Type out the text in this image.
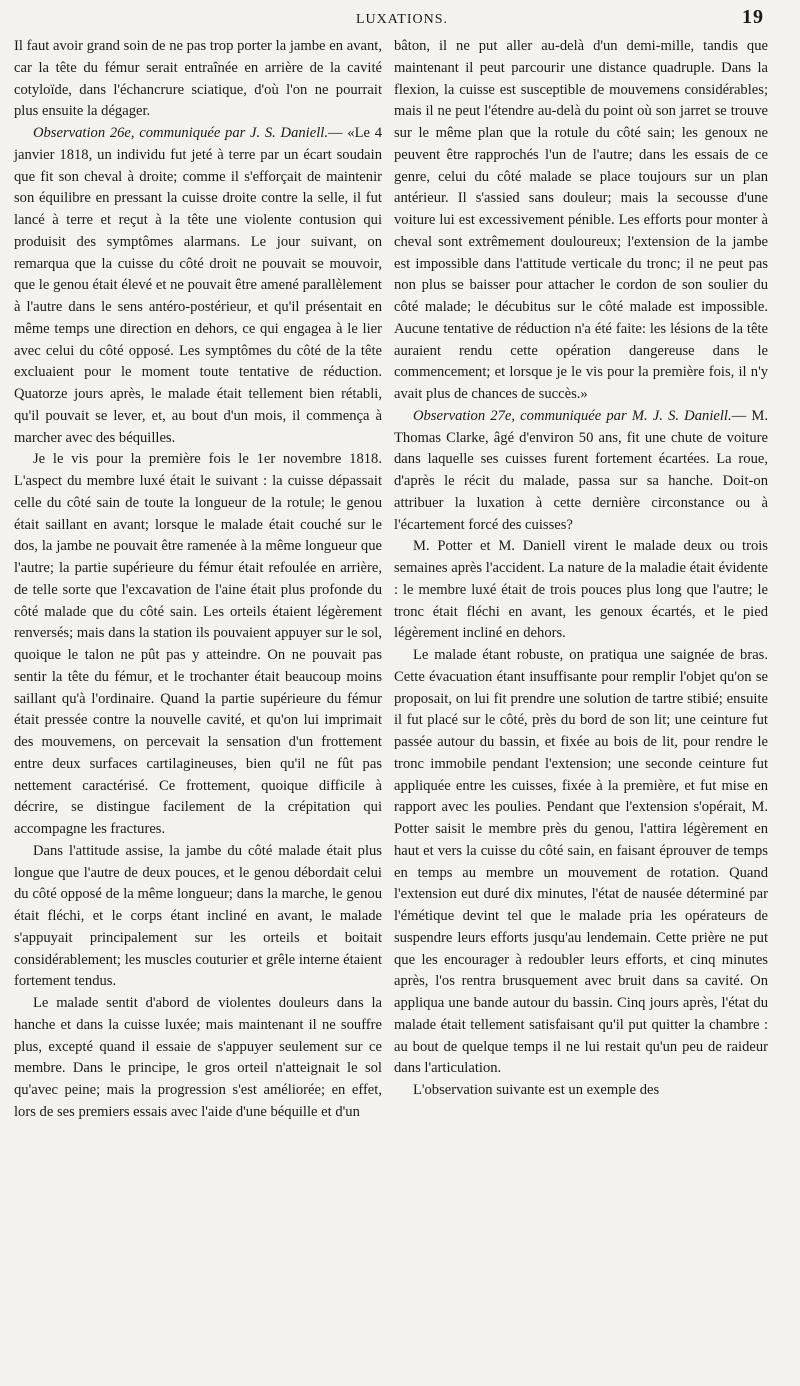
LUXATIONS.	19

Il faut avoir grand soin de ne pas trop porter la jambe en avant, car la tête du fémur serait entraînée en arrière de la cavité cotyloïde, dans l'échancrure sciatique, d'où l'on ne pourrait plus ensuite la dégager.

Observation 26e, communiquée par J. S. Daniell.— «Le 4 janvier 1818, un individu fut jeté à terre par un écart soudain que fit son cheval à droite; comme il s'efforçait de maintenir son équilibre en pressant la cuisse droite contre la selle, il fut lancé à terre et reçut à la tête une violente contusion qui produisit des symptômes alarmans. Le jour suivant, on remarqua que la cuisse du côté droit ne pouvait se mouvoir, que le genou était élevé et ne pouvait être amené parallèlement à l'autre dans le sens antéro-postérieur, et qu'il présentait en même temps une direction en dehors, ce qui engagea à le lier avec celui du côté opposé. Les symptômes du côté de la tête excluaient pour le moment toute tentative de réduction. Quatorze jours après, le malade était tellement bien rétabli, qu'il pouvait se lever, et, au bout d'un mois, il commença à marcher avec des béquilles.

Je le vis pour la première fois le 1er novembre 1818. L'aspect du membre luxé était le suivant : la cuisse dépassait celle du côté sain de toute la longueur de la rotule; le genou était saillant en avant; lorsque le malade était couché sur le dos, la jambe ne pouvait être ramenée à la même longueur que l'autre; la partie supérieure du fémur était refoulée en arrière, de telle sorte que l'excavation de l'aine était plus profonde du côté malade que du côté sain. Les orteils étaient légèrement renversés; mais dans la station ils pouvaient appuyer sur le sol, quoique le talon ne pût pas y atteindre. On ne pouvait pas sentir la tête du fémur, et le trochanter était beaucoup moins saillant qu'à l'ordinaire. Quand la partie supérieure du fémur était pressée contre la nouvelle cavité, et qu'on lui imprimait des mouvemens, on percevait la sensation d'un frottement entre deux surfaces cartilagineuses, bien qu'il ne fût pas nettement caractérisé. Ce frottement, quoique difficile à décrire, se distingue facilement de la crépitation qui accompagne les fractures.

Dans l'attitude assise, la jambe du côté malade était plus longue que l'autre de deux pouces, et le genou débordait celui du côté opposé de la même longueur; dans la marche, le genou était fléchi, et le corps étant incliné en avant, le malade s'appuyait principalement sur les orteils et boitait considérablement; les muscles couturier et grêle interne étaient fortement tendus.

Le malade sentit d'abord de violentes douleurs dans la hanche et dans la cuisse luxée; mais maintenant il ne souffre plus, excepté quand il essaie de s'appuyer seulement sur ce membre. Dans le principe, le gros orteil n'atteignait le sol qu'avec peine; mais la progression s'est améliorée; en effet, lors de ses premiers essais avec l'aide d'une béquille et d'un

bâton, il ne put aller au-delà d'un demi-mille, tandis que maintenant il peut parcourir une distance quadruple. Dans la flexion, la cuisse est susceptible de mouvemens considérables; mais il ne peut l'étendre au-delà du point où son jarret se trouve sur le même plan que la rotule du côté sain; les genoux ne peuvent être rapprochés l'un de l'autre; dans les essais de ce genre, celui du côté malade se place toujours sur un plan antérieur. Il s'assied sans douleur; mais la secousse d'une voiture lui est excessivement pénible. Les efforts pour monter à cheval sont extrêmement douloureux; l'extension de la jambe est impossible dans l'attitude verticale du tronc; il ne peut pas non plus se baisser pour attacher le cordon de son soulier du côté malade; le décubitus sur le côté malade est impossible. Aucune tentative de réduction n'a été faite: les lésions de la tête auraient rendu cette opération dangereuse dans le commencement; et lorsque je le vis pour la première fois, il n'y avait plus de chances de succès.»

Observation 27e, communiquée par M. J. S. Daniell.— M. Thomas Clarke, âgé d'environ 50 ans, fit une chute de voiture dans laquelle ses cuisses furent fortement écartées. La roue, d'après le récit du malade, passa sur sa hanche. Doit-on attribuer la luxation à cette dernière circonstance ou à l'écartement forcé des cuisses?

M. Potter et M. Daniell virent le malade deux ou trois semaines après l'accident. La nature de la maladie était évidente : le membre luxé était de trois pouces plus long que l'autre; le tronc était fléchi en avant, les genoux écartés, et le pied légèrement incliné en dehors.

Le malade étant robuste, on pratiqua une saignée de bras. Cette évacuation étant insuffisante pour remplir l'objet qu'on se proposait, on lui fit prendre une solution de tartre stibié; ensuite il fut placé sur le côté, près du bord de son lit; une ceinture fut passée autour du bassin, et fixée au bois de lit, pour rendre le tronc immobile pendant l'extension; une seconde ceinture fut appliquée entre les cuisses, fixée à la première, et fut mise en rapport avec les poulies. Pendant que l'extension s'opérait, M. Potter saisit le membre près du genou, l'attira légèrement en haut et vers la cuisse du côté sain, en faisant éprouver de temps en temps au membre un mouvement de rotation. Quand l'extension eut duré dix minutes, l'état de nausée déterminé par l'émétique devint tel que le malade pria les opérateurs de suspendre leurs efforts jusqu'au lendemain. Cette prière ne put que les encourager à redoubler leurs efforts, et cinq minutes après, l'os rentra brusquement avec bruit dans sa cavité. On appliqua une bande autour du bassin. Cinq jours après, l'état du malade était tellement satisfaisant qu'il put quitter la chambre : au bout de quelque temps il ne lui restait qu'un peu de raideur dans l'articulation.

L'observation suivante est un exemple des
